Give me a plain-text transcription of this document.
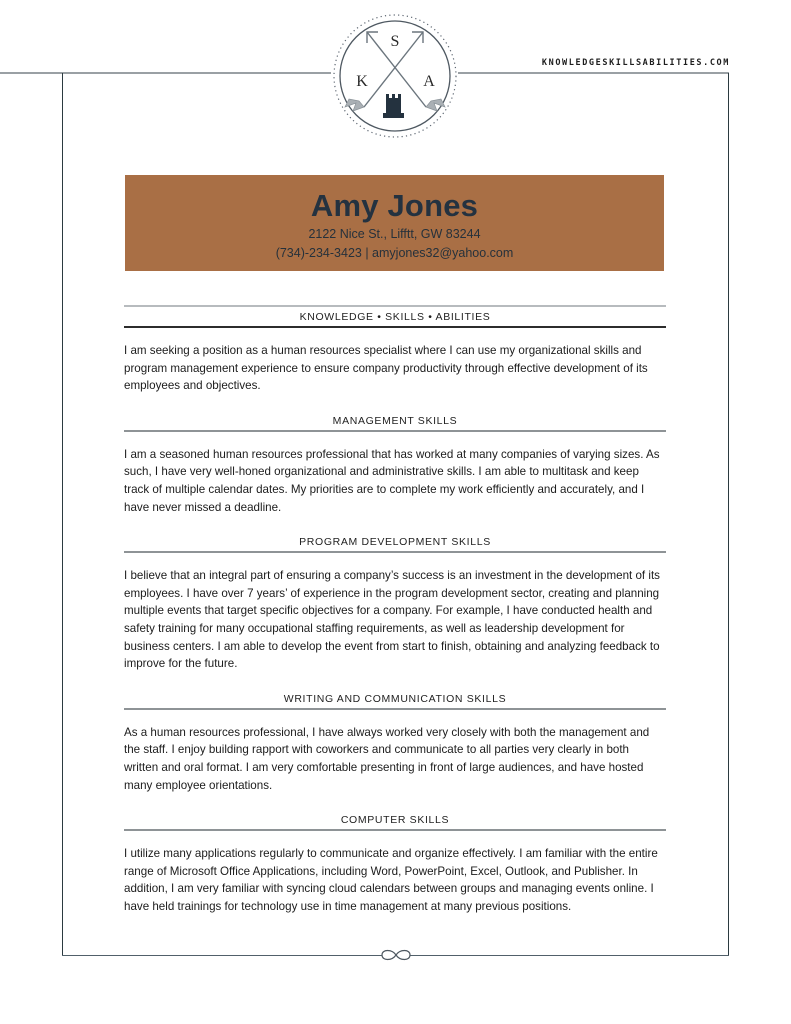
S
K	A
KNOWLEDGESKILLSABILITIES.COM
Amy Jones
2122 Nice St., Lifftt, GW 83244
(734)-234-3423 | amyjones32@yahoo.com
KNOWLEDGE • SKILLS • ABILITIES
I am seeking a position as a human resources specialist where I can use my organizational skills and program management experience to ensure company productivity through effective development of its employees and objectives.
MANAGEMENT SKILLS
I am a seasoned human resources professional that has worked at many companies of varying sizes. As such, I have very well-honed organizational and administrative skills. I am able to multitask and keep track of multiple calendar dates. My priorities are to complete my work efficiently and accurately, and I have never missed a deadline.
PROGRAM DEVELOPMENT SKILLS
I believe that an integral part of ensuring a company’s success is an investment in the development of its employees. I have over 7 years’ of experience in the program development sector, creating and planning multiple events that target specific objectives for a company. For example, I have conducted health and safety training for many occupational staffing requirements, as well as leadership development for business centers. I am able to develop the event from start to finish, obtaining and analyzing feedback to improve for the future.
WRITING AND COMMUNICATION SKILLS
As a human resources professional, I have always worked very closely with both the management and the staff. I enjoy building rapport with coworkers and communicate to all parties very clearly in both written and oral format. I am very comfortable presenting in front of large audiences, and have hosted many employee orientations.
COMPUTER SKILLS
I utilize many applications regularly to communicate and organize effectively. I am familiar with the entire range of Microsoft Office Applications, including Word, PowerPoint, Excel, Outlook, and Publisher. In addition, I am very familiar with syncing cloud calendars between groups and managing events online. I have held trainings for technology use in time management at many previous positions.
